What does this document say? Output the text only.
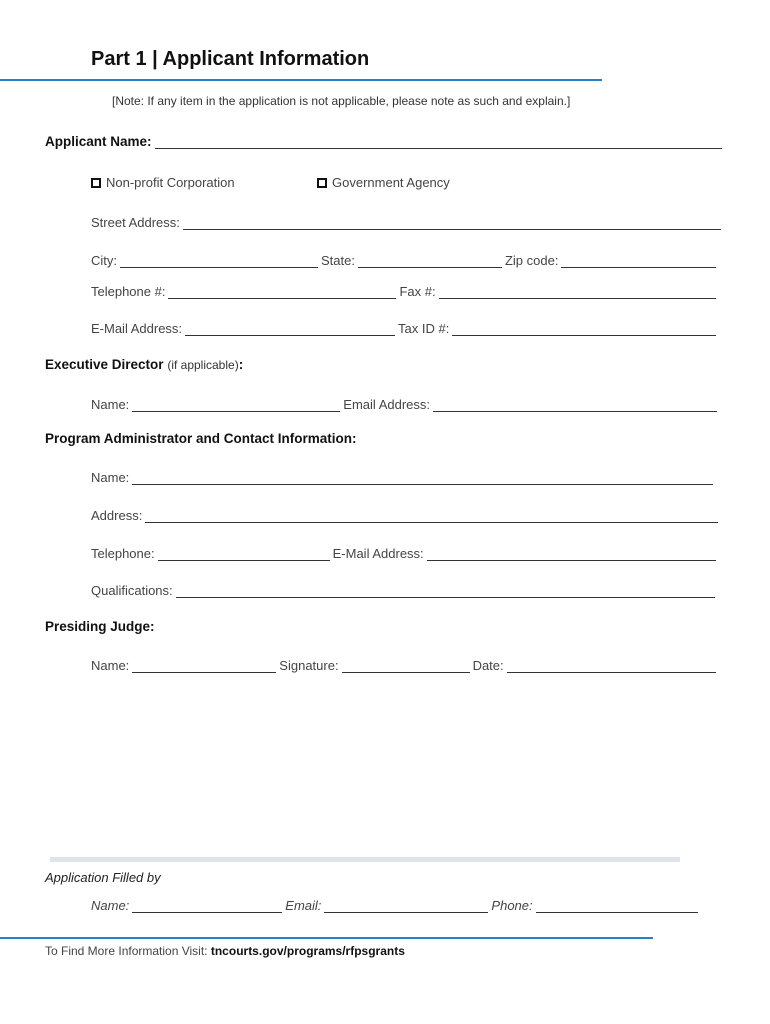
Part 1 | Applicant Information
[Note: If any item in the application is not applicable, please note as such and explain.]
Applicant Name:
Non-profit Corporation	Government Agency
Street Address:
City:	State:	Zip code:
Telephone #:	Fax #:
E-Mail Address:	Tax ID #:
Executive Director (if applicable):
Name:	Email Address:
Program Administrator and Contact Information:
Name:
Address:
Telephone:	E-Mail Address:
Qualifications:
Presiding Judge:
Name:	Signature:	Date:
Application Filled by
Name:	Email:	Phone:
To Find More Information Visit: tncourts.gov/programs/rfpsgrants
